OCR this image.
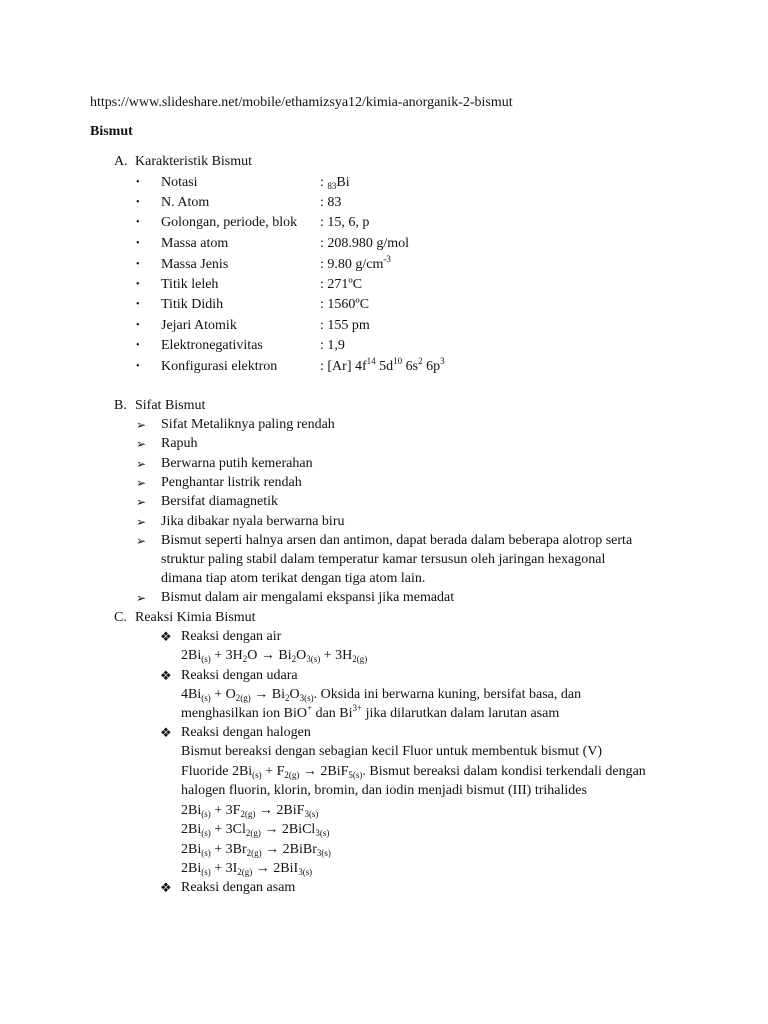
https://www.slideshare.net/mobile/ethamizsya12/kimia-anorganik-2-bismut
Bismut
A. Karakteristik Bismut
• Notasi	: $_{83}$Bi
• N. Atom	: 83
• Golongan, periode, blok : 15, 6, p
• Massa atom	: 208.980 g/mol
• Massa Jenis	: 9.80 $g/cm^{-3}$
• Titik leleh	: 271ºC
• Titik Didih	: 1560ºC
• Jejari Atomik	: 155 pm
• Elektronegativitas	: 1,9
• Konfigurasi elektron	: [Ar] $4f^{14}$ $5d^{10}$ $6s^2$ $6p^3$
B. Sifat Bismut
➢ Sifat Metaliknya paling rendah
➢ Rapuh
➢ Berwarna putih kemerahan
➢ Penghantar listrik rendah
➢ Bersifat diamagnetik
➢ Jika dibakar nyala berwarna biru
➢ Bismut seperti halnya arsen dan antimon, dapat berada dalam beberapa alotrop serta
struktur paling stabil dalam temperatur kamar tersusun oleh jaringan hexagonal
dimana tiap atom terikat dengan tiga atom lain.
➢ Bismut dalam air mengalami ekspansi jika memadat
C. Reaksi Kimia Bismut
❖ Reaksi dengan air
$2Bi_{(s)} + 3H_2O \to Bi_2O_{3(s)} + 3H_{2(g)}$
❖ Reaksi dengan udara
$4Bi_{(s)} + O_{2(g)} \to Bi_2O_{3(s)}$. Oksida ini berwarna kuning, bersifat basa, dan
menghasilkan ion BiO+ dan $Bi^{3+}$ jika dilarutkan dalam larutan asam
❖ Reaksi dengan halogen
Bismut bereaksi dengan sebagian kecil Fluor untuk membentuk bismut (V)
Fluoride $2Bi_{(s)} + F_{2(g)} \to 2BiF_{5(s)}$. Bismut bereaksi dalam kondisi terkendali dengan
halogen fluorin, klorin, bromin, dan iodin menjadi bismut (III) trihalides
$2Bi_{(s)} + 3F_{2(g)} \to 2BiF_{3(s)}$
$2Bi_{(s)} + 3Cl_{2(g)}$ → 2BiCl$_{3(s)}$
$2Bi_{(s)} + 3Br_{2(g)}$ → 2BiBr$_{3(s)}$
$2Bi_{(s)} + 3I_{2(g)} \to 2BiI_{3(s)}$
❖ Reaksi dengan asam
